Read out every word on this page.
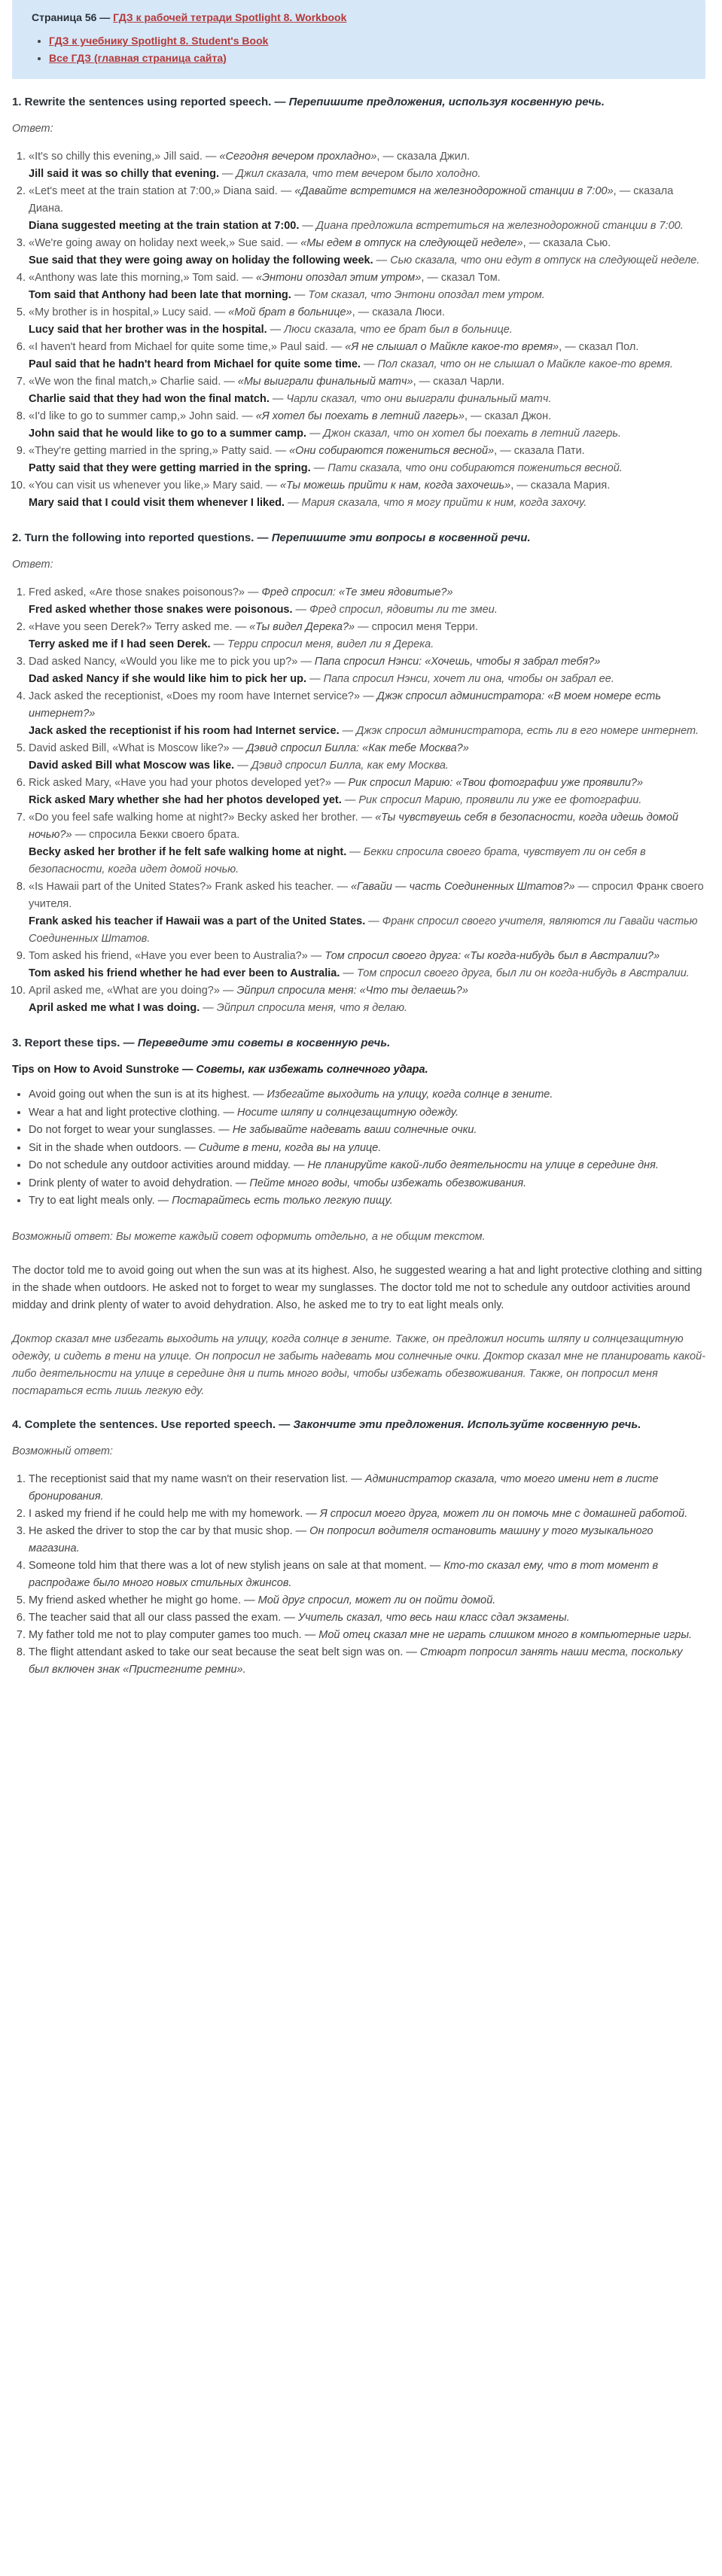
Страница 56 — ГДЗ к рабочей тетради Spotlight 8. Workbook
• ГДЗ к учебнику Spotlight 8. Student's Book
• Все ГДЗ (главная страница сайта)
1. Rewrite the sentences using reported speech. — Перепишите предложения, используя косвенную речь.
Ответ:
1. «It's so chilly this evening,» Jill said. — «Сегодня вечером прохладно», — сказала Джил.
Jill said it was so chilly that evening. — Джил сказала, что тем вечером было холодно.
2. «Let's meet at the train station at 7:00,» Diana said. — «Давайте встретимся на железнодорожной станции в 7:00», — сказала Диана.
Diana suggested meeting at the train station at 7:00. — Диана предложила встретиться на железнодорожной станции в 7:00.
3. «We're going away on holiday next week,» Sue said. — «Мы едем в отпуск на следующей неделе», — сказала Сью.
Sue said that they were going away on holiday the following week. — Сью сказала, что они едут в отпуск на следующей неделе.
4. «Anthony was late this morning,» Tom said. — «Энтони опоздал этим утром», — сказал Том.
Tom said that Anthony had been late that morning. — Том сказал, что Энтони опоздал тем утром.
5. «My brother is in hospital,» Lucy said. — «Мой брат в больнице», — сказала Люси.
Lucy said that her brother was in the hospital. — Люси сказала, что ее брат был в больнице.
6. «I haven't heard from Michael for quite some time,» Paul said. — «Я не слышал о Майкле какое-то время», — сказал Пол.
Paul said that he hadn't heard from Michael for quite some time. — Пол сказал, что он не слышал о Майкле какое-то время.
7. «We won the final match,» Charlie said. — «Мы выиграли финальный матч», — сказал Чарли.
Charlie said that they had won the final match. — Чарли сказал, что они выиграли финальный матч.
8. «I'd like to go to summer camp,» John said. — «Я хотел бы поехать в летний лагерь», — сказал Джон.
John said that he would like to go to a summer camp. — Джон сказал, что он хотел бы поехать в летний лагерь.
9. «They're getting married in the spring,» Patty said. — «Они собираются пожениться весной», — сказала Пати.
Patty said that they were getting married in the spring. — Пати сказала, что они собираются пожениться весной.
10. «You can visit us whenever you like,» Mary said. — «Ты можешь прийти к нам, когда захочешь», — сказала Мария.
Mary said that I could visit them whenever I liked. — Мария сказала, что я могу прийти к ним, когда захочу.
2. Turn the following into reported questions. — Перепишите эти вопросы в косвенной речи.
Ответ:
1. Fred asked, «Are those snakes poisonous?» — Фред спросил: «Те змеи ядовитые?»
Fred asked whether those snakes were poisonous. — Фред спросил, ядовиты ли те змеи.
2. «Have you seen Derek?» Terry asked me. — «Ты видел Дерека?» — спросил меня Терри.
Terry asked me if I had seen Derek. — Терри спросил меня, видел ли я Дерека.
3. Dad asked Nancy, «Would you like me to pick you up?» — Папа спросил Нэнси: «Хочешь, чтобы я забрал тебя?»
Dad asked Nancy if she would like him to pick her up. — Папа спросил Нэнси, хочет ли она, чтобы он забрал ее.
4. Jack asked the receptionist, «Does my room have Internet service?» — Джэк спросил администратора: «В моем номере есть интернет?»
Jack asked the receptionist if his room had Internet service. — Джэк спросил администратора, есть ли в его номере интернет.
5. David asked Bill, «What is Moscow like?» — Дэвид спросил Билла: «Как тебе Москва?»
David asked Bill what Moscow was like. — Дэвид спросил Билла, как ему Москва.
6. Rick asked Mary, «Have you had your photos developed yet?» — Рик спросил Марию: «Твои фотографии уже проявили?»
Rick asked Mary whether she had her photos developed yet. — Рик спросил Марию, проявили ли уже ее фотографии.
7. «Do you feel safe walking home at night?» Becky asked her brother. — «Ты чувствуешь себя в безопасности, когда идешь домой ночью?» — спросила Бекки своего брата.
Becky asked her brother if he felt safe walking home at night. — Бекки спросила своего брата, чувствует ли он себя в безопасности, когда идет домой ночью.
8. «Is Hawaii part of the United States?» Frank asked his teacher. — «Гавайи — часть Соединенных Штатов?» — спросил Франк своего учителя.
Frank asked his teacher if Hawaii was a part of the United States. — Франк спросил своего учителя, являются ли Гавайи частью Соединенных Штатов.
9. Tom asked his friend, «Have you ever been to Australia?» — Том спросил своего друга: «Ты когда-нибудь был в Австралии?»
Tom asked his friend whether he had ever been to Australia. — Том спросил своего друга, был ли он когда-нибудь в Австралии.
10. April asked me, «What are you doing?» — Эйприл спросила меня: «Что ты делаешь?»
April asked me what I was doing. — Эйприл спросила меня, что я делаю.
3. Report these tips. — Переведите эти советы в косвенную речь.
Tips on How to Avoid Sunstroke — Советы, как избежать солнечного удара.
• Avoid going out when the sun is at its highest. — Избегайте выходить на улицу, когда солнце в зените.
• Wear a hat and light protective clothing. — Носите шляпу и солнцезащитную одежду.
• Do not forget to wear your sunglasses. — Не забывайте надевать ваши солнечные очки.
• Sit in the shade when outdoors. — Сидите в тени, когда вы на улице.
• Do not schedule any outdoor activities around midday. — Не планируйте какой-либо деятельности на улице в середине дня.
• Drink plenty of water to avoid dehydration. — Пейте много воды, чтобы избежать обезвоживания.
• Try to eat light meals only. — Постарайтесь есть только легкую пищу.

Возможный ответ: Вы можете каждый совет оформить отдельно, а не общим текстом.

The doctor told me to avoid going out when the sun was at its highest. Also, he suggested wearing a hat and light protective clothing and sitting in the shade when outdoors. He asked not to forget to wear my sunglasses. The doctor told me not to schedule any outdoor activities around midday and drink plenty of water to avoid dehydration. Also, he asked me to try to eat light meals only.

Доктор сказал мне избегать выходить на улицу, когда солнце в зените. Также, он предложил носить шляпу и солнцезащитную одежду, и сидеть в тени на улице. Он попросил не забыть надевать мои солнечные очки. Доктор сказал мне не планировать какой-либо деятельности на улице в середине дня и пить много воды, чтобы избежать обезвоживания. Также, он попросил меня постараться есть лишь легкую еду.

4. Complete the sentences. Use reported speech. — Закончите эти предложения. Используйте косвенную речь.
Возможный ответ:
1. The receptionist said that my name wasn't on their reservation list. — Администратор сказала, что моего имени нет в листе бронирования.
2. I asked my friend if he could help me with my homework. — Я спросил моего друга, может ли он помочь мне с домашней работой.
3. He asked the driver to stop the car by that music shop. — Он попросил водителя остановить машину у того музыкального магазина.
4. Someone told him that there was a lot of new stylish jeans on sale at that moment. — Кто-то сказал ему, что в тот момент в распродаже было много новых стильных джинсов.
5. My friend asked whether he might go home. — Мой друг спросил, может ли он пойти домой.
6. The teacher said that all our class passed the exam. — Учитель сказал, что весь наш класс сдал экзамены.
7. My father told me not to play computer games too much. — Мой отец сказал мне не играть слишком много в компьютерные игры.
8. The flight attendant asked to take our seat because the seat belt sign was on. — Стюарт попросил занять наши места, поскольку был включен знак «Пристегните ремни».
